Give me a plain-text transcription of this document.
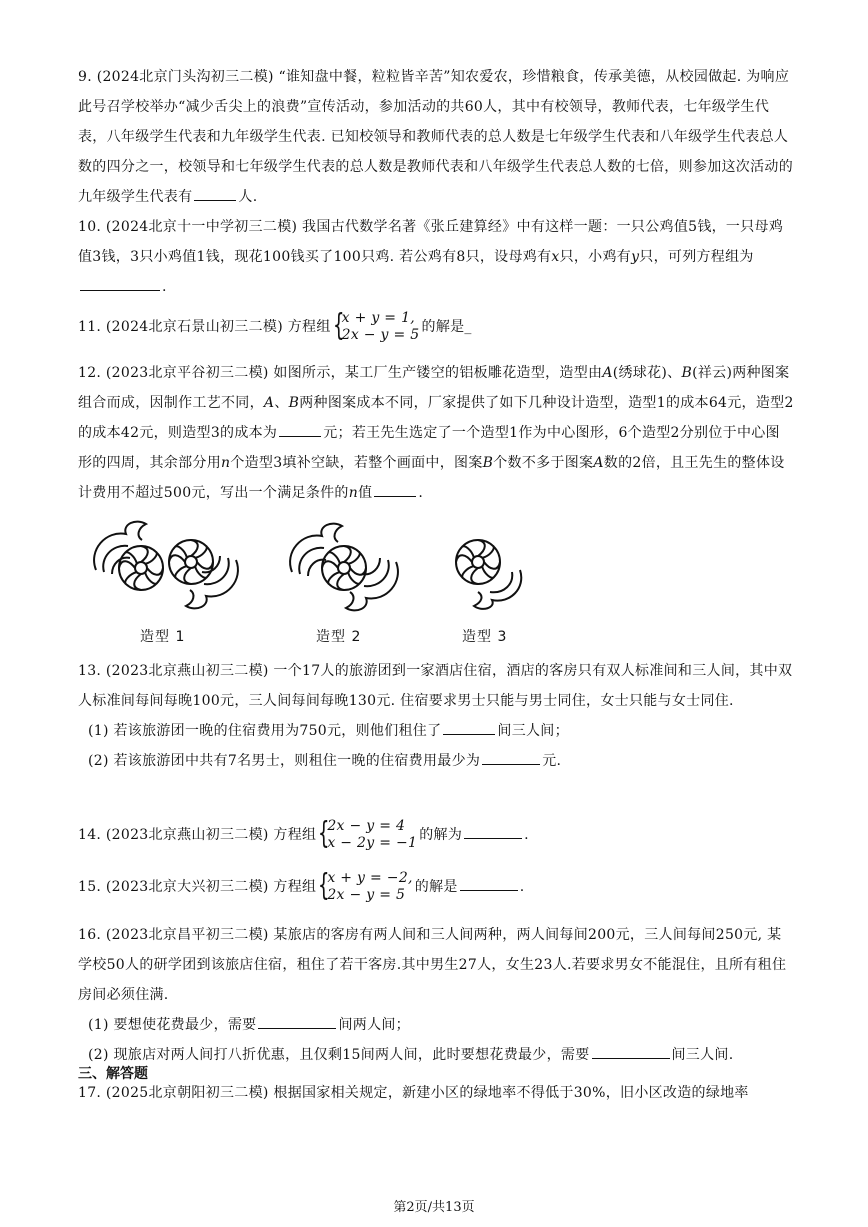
9. (2024北京门头沟初三二模) “谁知盘中餐，粒粒皆辛苦”知农爱农，珍惜粮食，传承美德，从校园做起. 为响应此号召学校举办“减少舌尖上的浪费”宣传活动，参加活动的共60人，其中有校领导，教师代表，七年级学生代表，八年级学生代表和九年级学生代表. 已知校领导和教师代表的总人数是七年级学生代表和八年级学生代表总人数的四分之一，校领导和七年级学生代表的总人数是教师代表和八年级学生代表总人数的七倍，则参加这次活动的九年级学生代表有	人.

10. (2024北京十一中学初三二模) 我国古代数学名著《张丘建算经》中有这样一题：一只公鸡值5钱，一只母鸡值3钱，3只小鸡值1钱，现花100钱买了100只鸡. 若公鸡有8只，设母鸡有x只，小鸡有y只，可列方程组为.

11. (2024北京石景山初三二模) 方程组 {
x + y = 1,
2x − y = 5 的解是_

12. (2023北京平谷初三二模) 如图所示，某工厂生产镂空的铝板雕花造型，造型由A(绣球花)、B(祥云)两种图案组合而成，因制作工艺不同，A、B两种图案成本不同，厂家提供了如下几种设计造型，造型1的成本64元，造型2的成本42元，则造型3的成本为	元；若王先生选定了一个造型1作为中心图形，6个造型2分别位于中心图形的四周，其余部分用n个造型3填补空缺，若整个画面中，图案B个数不多于图案A数的2倍，且王先生的整体设计费用不超过500元，写出一个满足条件的n值	.

造型 1	造型 2	造型 3

13. (2023北京燕山初三二模) 一个17人的旅游团到一家酒店住宿，酒店的客房只有双人标准间和三人间，其中双人标准间每间每晚100元，三人间每间每晚130元. 住宿要求男士只能与男士同住，女士只能与女士同住.

(1) 若该旅游团一晚的住宿费用为750元，则他们租住了	间三人间；

(2) 若该旅游团中共有7名男士，则租住一晚的住宿费用最少为	元.

14. (2023北京燕山初三二模) 方程组 {
2x − y = 4
x − 2y = −1 的解为	.

15. (2023北京大兴初三二模) 方程组 {
x + y = −2,
2x − y = 5 的解是	.

16. (2023北京昌平初三二模) 某旅店的客房有两人间和三人间两种，两人间每间200元，三人间每间250元, 某学校50人的研学团到该旅店住宿，租住了若干客房.其中男生27人，女生23人.若要求男女不能混住，且所有租住房间必须住满.

(1) 要想使花费最少，需要	间两人间；

(2) 现旅店对两人间打八折优惠，且仅剩15间两人间，此时要想花费最少，需要	间三人间.

三、解答题

17. (2025北京朝阳初三二模) 根据国家相关规定，新建小区的绿地率不得低于30%，旧小区改造的绿地率

第2页/共13页
